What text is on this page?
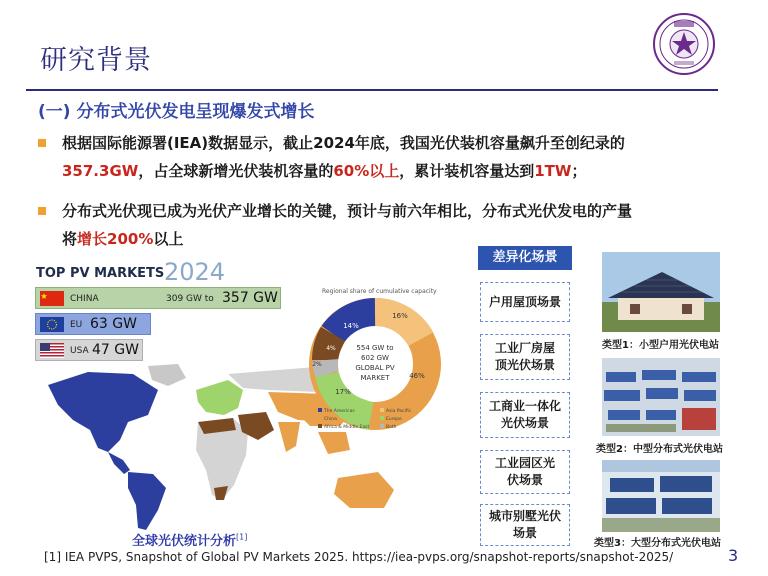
研究背景
(一) 分布式光伏发电呈现爆发式增长
根据国际能源署(IEA)数据显示，截止2024年底，我国光伏装机容量飙升至创纪录的
357.3GW，占全球新增光伏装机容量的60%以上，累计装机容量达到1TW；
分布式光伏现已成为光伏产业增长的关键，预计与前六年相比，分布式光伏发电的产量
将增长200%以上
TOP PV MARKETS 2024
CHINA	309 GW to 357 GW
EU 63 GW
USA 47 GW
Regional share of cumulative capacity
554 GW to
602 GW
GLOBAL PV
MARKET
14%
16%
46%
17%
4%
2%
The Americas	Asia Pacific
China	Europe
Africa & Middle East	Both
全球光伏统计分析[1]
差异化场景
户用屋顶场景
工业厂房屋
顶光伏场景
工商业一体化
光伏场景
工业园区光
伏场景
城市别墅光伏
场景
类型1：小型户用光伏电站
类型2：中型分布式光伏电站
类型3：大型分布式光伏电站
[1] IEA PVPS, Snapshot of Global PV Markets 2025. https://iea-pvps.org/snapshot-reports/snapshot-2025/	3
